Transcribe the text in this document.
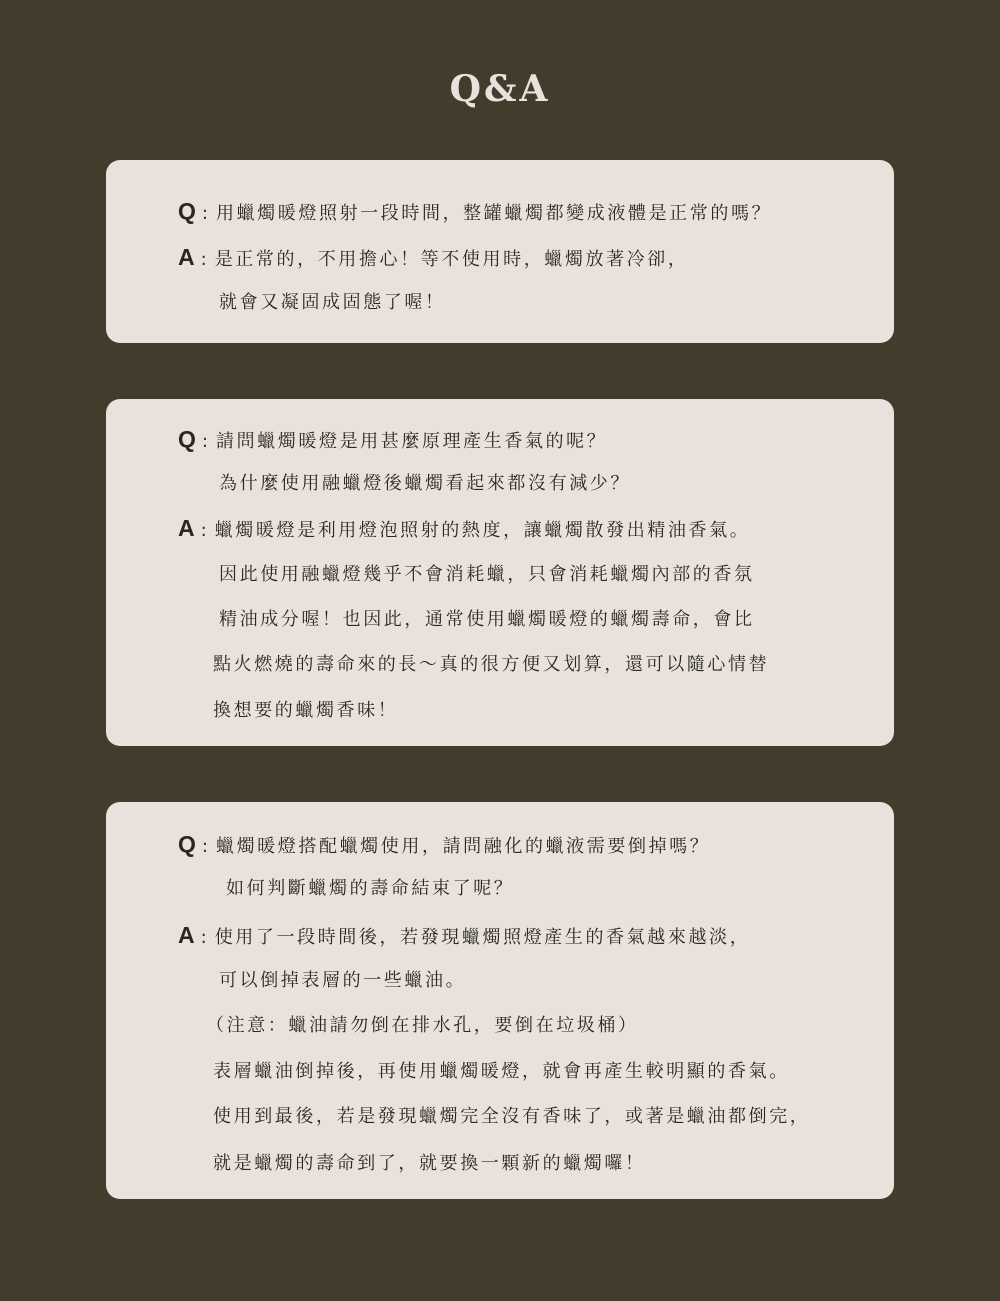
Q&A
Q : 用蠟燭暖燈照射一段時間，整罐蠟燭都變成液體是正常的嗎？
A : 是正常的，不用擔心！等不使用時，蠟燭放著冷卻，
就會又凝固成固態了喔！
Q : 請問蠟燭暖燈是用甚麼原理產生香氣的呢？
為什麼使用融蠟燈後蠟燭看起來都沒有減少？
A : 蠟燭暖燈是利用燈泡照射的熱度，讓蠟燭散發出精油香氣。
因此使用融蠟燈幾乎不會消耗蠟，只會消耗蠟燭內部的香氛
精油成分喔！也因此，通常使用蠟燭暖燈的蠟燭壽命，會比
點火燃燒的壽命來的長～真的很方便又划算，還可以隨心情替
換想要的蠟燭香味！
Q : 蠟燭暖燈搭配蠟燭使用，請問融化的蠟液需要倒掉嗎？
如何判斷蠟燭的壽命結束了呢？
A : 使用了一段時間後，若發現蠟燭照燈產生的香氣越來越淡，
可以倒掉表層的一些蠟油。
（注意：蠟油請勿倒在排水孔，要倒在垃圾桶）
表層蠟油倒掉後，再使用蠟燭暖燈，就會再產生較明顯的香氣。
使用到最後，若是發現蠟燭完全沒有香味了，或著是蠟油都倒完，
就是蠟燭的壽命到了，就要換一顆新的蠟燭囉！
